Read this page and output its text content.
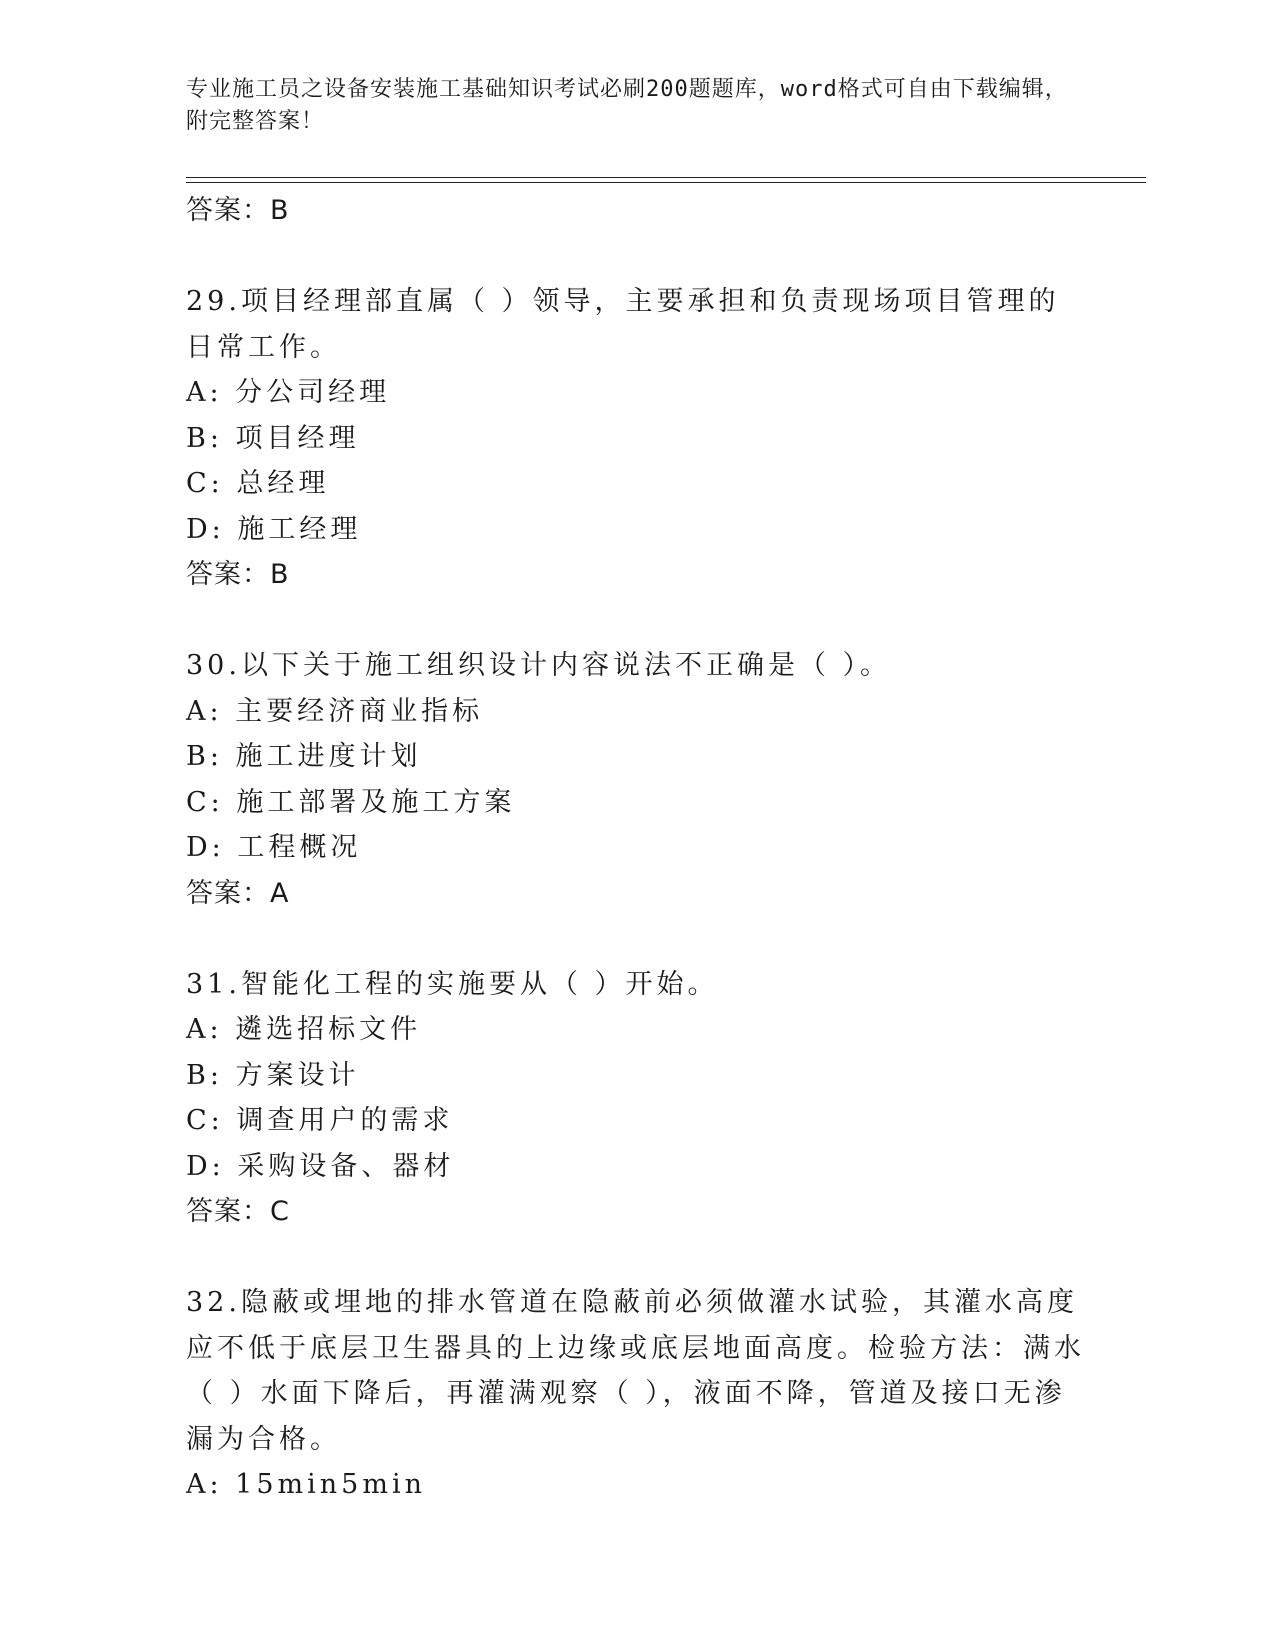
专业施工员之设备安装施工基础知识考试必刷200题题库，word格式可自由下载编辑，附完整答案！
答案：B
29.项目经理部直属（ ）领导，主要承担和负责现场项目管理的日常工作。
A: 分公司经理
B: 项目经理
C: 总经理
D: 施工经理
答案：B
30.以下关于施工组织设计内容说法不正确是（ ）。
A: 主要经济商业指标
B: 施工进度计划
C: 施工部署及施工方案
D: 工程概况
答案：A
31.智能化工程的实施要从（ ）开始。
A: 遴选招标文件
B: 方案设计
C: 调查用户的需求
D: 采购设备、器材
答案：C
32.隐蔽或埋地的排水管道在隐蔽前必须做灌水试验，其灌水高度应不低于底层卫生器具的上边缘或底层地面高度。检验方法：满水（ ）水面下降后，再灌满观察（ ），液面不降，管道及接口无渗漏为合格。
A: 15min5min
